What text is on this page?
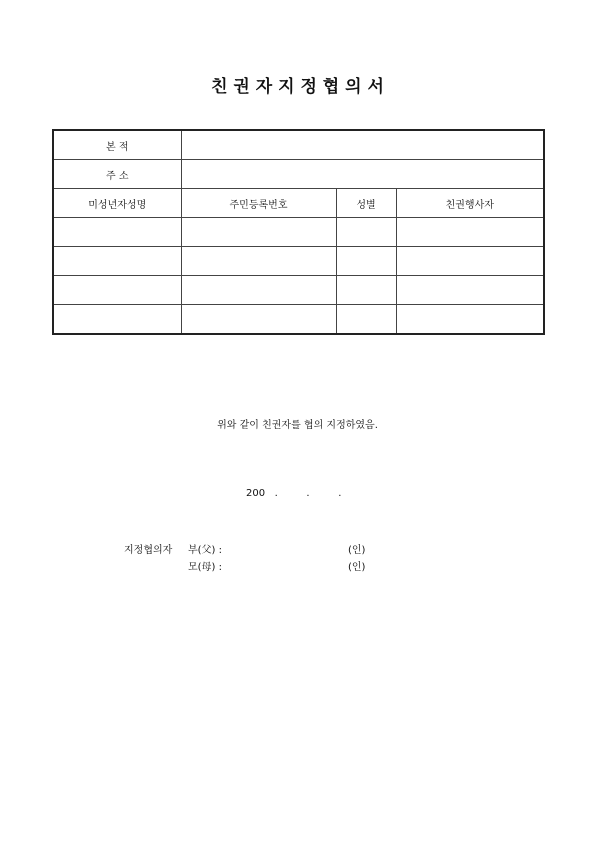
친 권 자 지 정 협 의 서
본 적			
주 소			
미성년자성명	주민등록번호	성별	친권행사자

위와 같이 친권자를 협의 지정하였음.
200   .         .         .
지정협의자 부(父) :	(인)
모(母) :	(인)
